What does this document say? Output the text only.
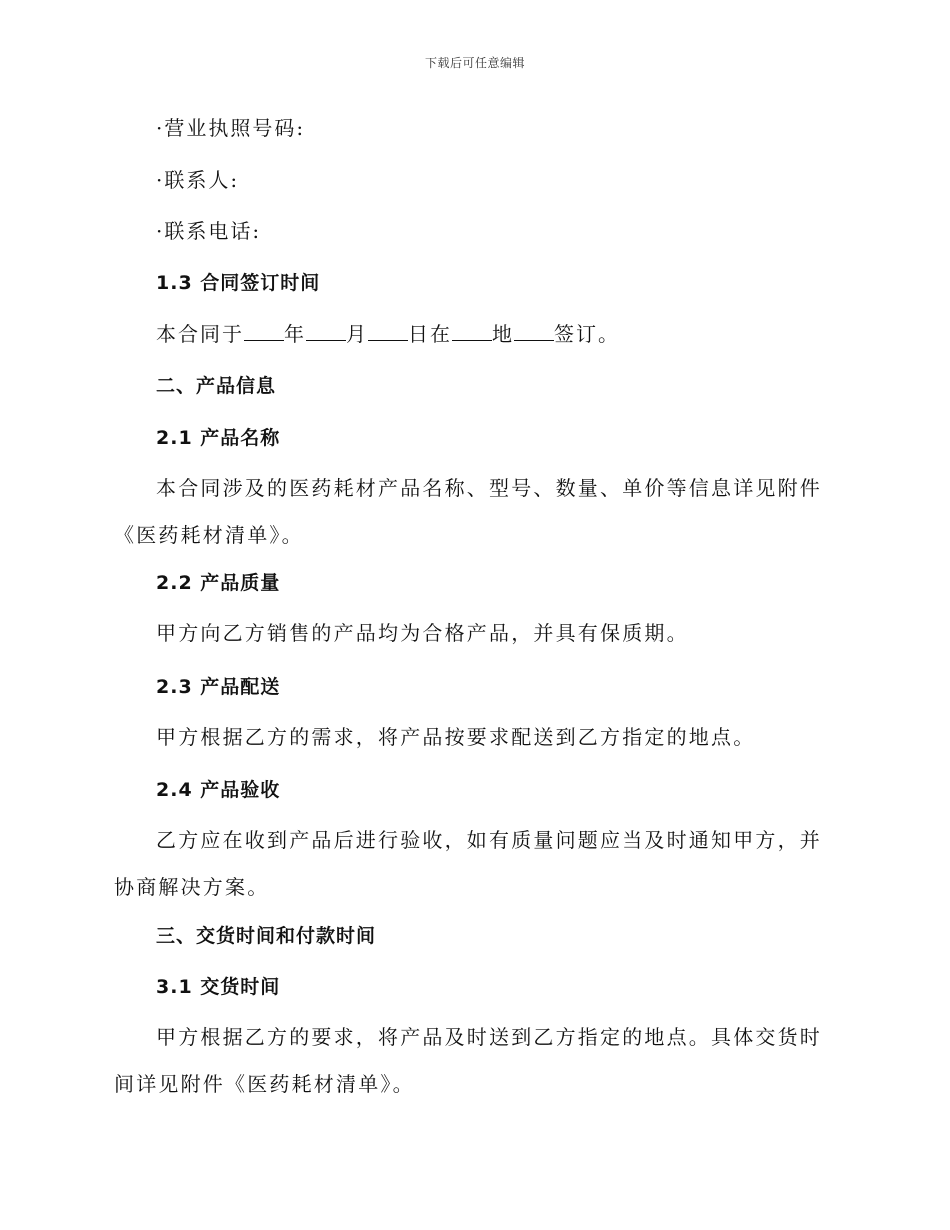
下载后可任意编辑
·营业执照号码:
·联系人:
·联系电话:
1.3 合同签订时间
本合同于 年 月 日在 地 签订。
二、产品信息
2.1 产品名称
本合同涉及的医药耗材产品名称、型号、数量、单价等信息详见附件《医药耗材清单》。
2.2 产品质量
甲方向乙方销售的产品均为合格产品，并具有保质期。
2.3 产品配送
甲方根据乙方的需求，将产品按要求配送到乙方指定的地点。
2.4 产品验收
乙方应在收到产品后进行验收，如有质量问题应当及时通知甲方，并协商解决方案。
三、交货时间和付款时间
3.1 交货时间
甲方根据乙方的要求，将产品及时送到乙方指定的地点。具体交货时间详见附件《医药耗材清单》。
